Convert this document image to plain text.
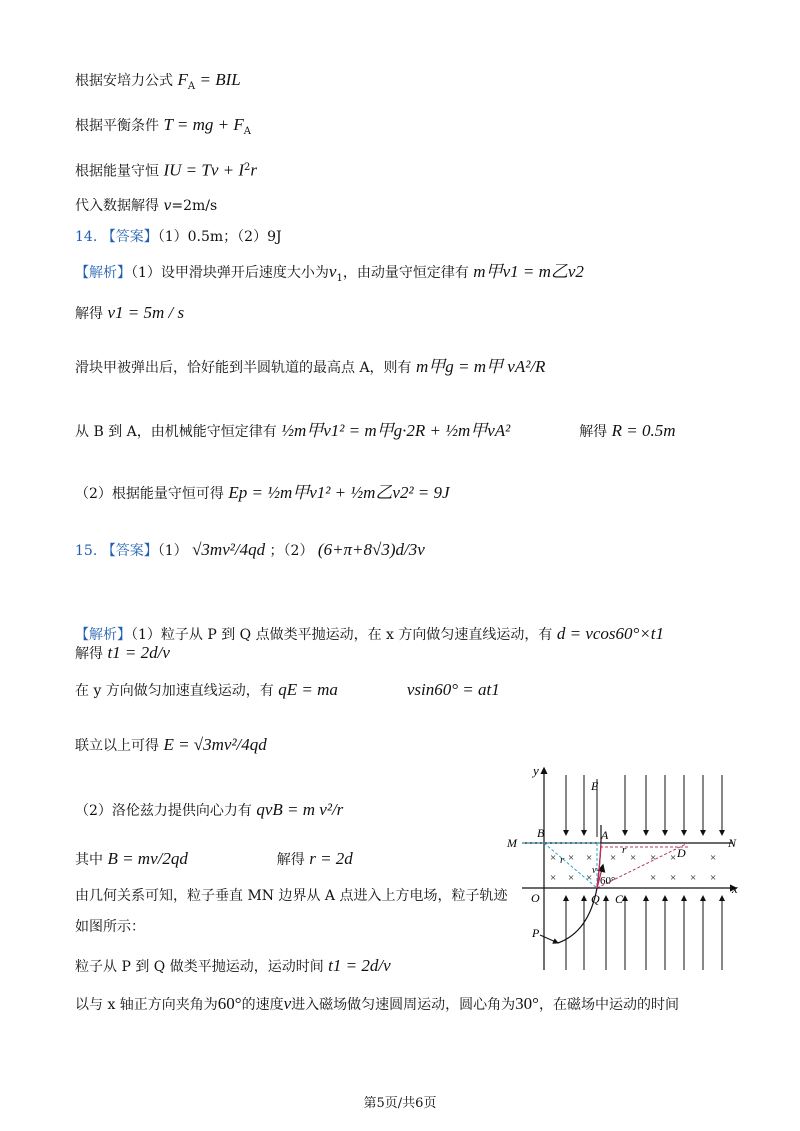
根据安培力公式 $F_A$ = BIL
根据平衡条件 T = mg + $F_A$
根据能量守恒 IU = $Tv + I^2r$
代入数据解得 v=2m/s
14. 【答案】（1）0.5m；（2）9J
【解析】（1）设甲滑块弹开后速度大小为$v_1$，由动量守恒定律有 m甲v1 = m乙v2
解得 v1 = 5m / s
滑块甲被弹出后，恰好能到半圆轨道的最高点 A，则有 m甲g = m甲 vA²/R
从 B 到 A，由机械能守恒定律有 ½m甲v1² = m甲g·2R + ½m甲vA²	解得 R = 0.5m
（2）根据能量守恒可得 Ep = ½m甲v1² + ½m乙v2² = 9J
15. 【答案】（1） √3mv²/4qd ；（2） (6+π+8√3)d/3v
【解析】（1）粒子从 P 到 Q 点做类平抛运动，在 x 方向做匀速直线运动，有 d = vcos60°×t1
解得 t1 = 2d/v
在 y 方向做匀加速直线运动，有 qE = ma	vsin60° = at1
联立以上可得 E = √3mv²/4qd
（2）洛伦兹力提供向心力有 qvB = m v²/r
其中 B = mv/2qd	解得 r = 2d
由几何关系可知，粒子垂直 MN 边界从 A 点进入上方电场，粒子轨迹
如图所示：
粒子从 P 到 Q 做类平抛运动，运动时间 t1 = 2d/v
以与 x 轴正方向夹角为60°的速度v进入磁场做匀速圆周运动，圆心角为30°，在磁场中运动的时间
y
x
E
× × × × × × ×	×
× × ×	× × × ×
B
M
A
N
O	Q C
D
P
r
r
v
60°
第5页/共6页
